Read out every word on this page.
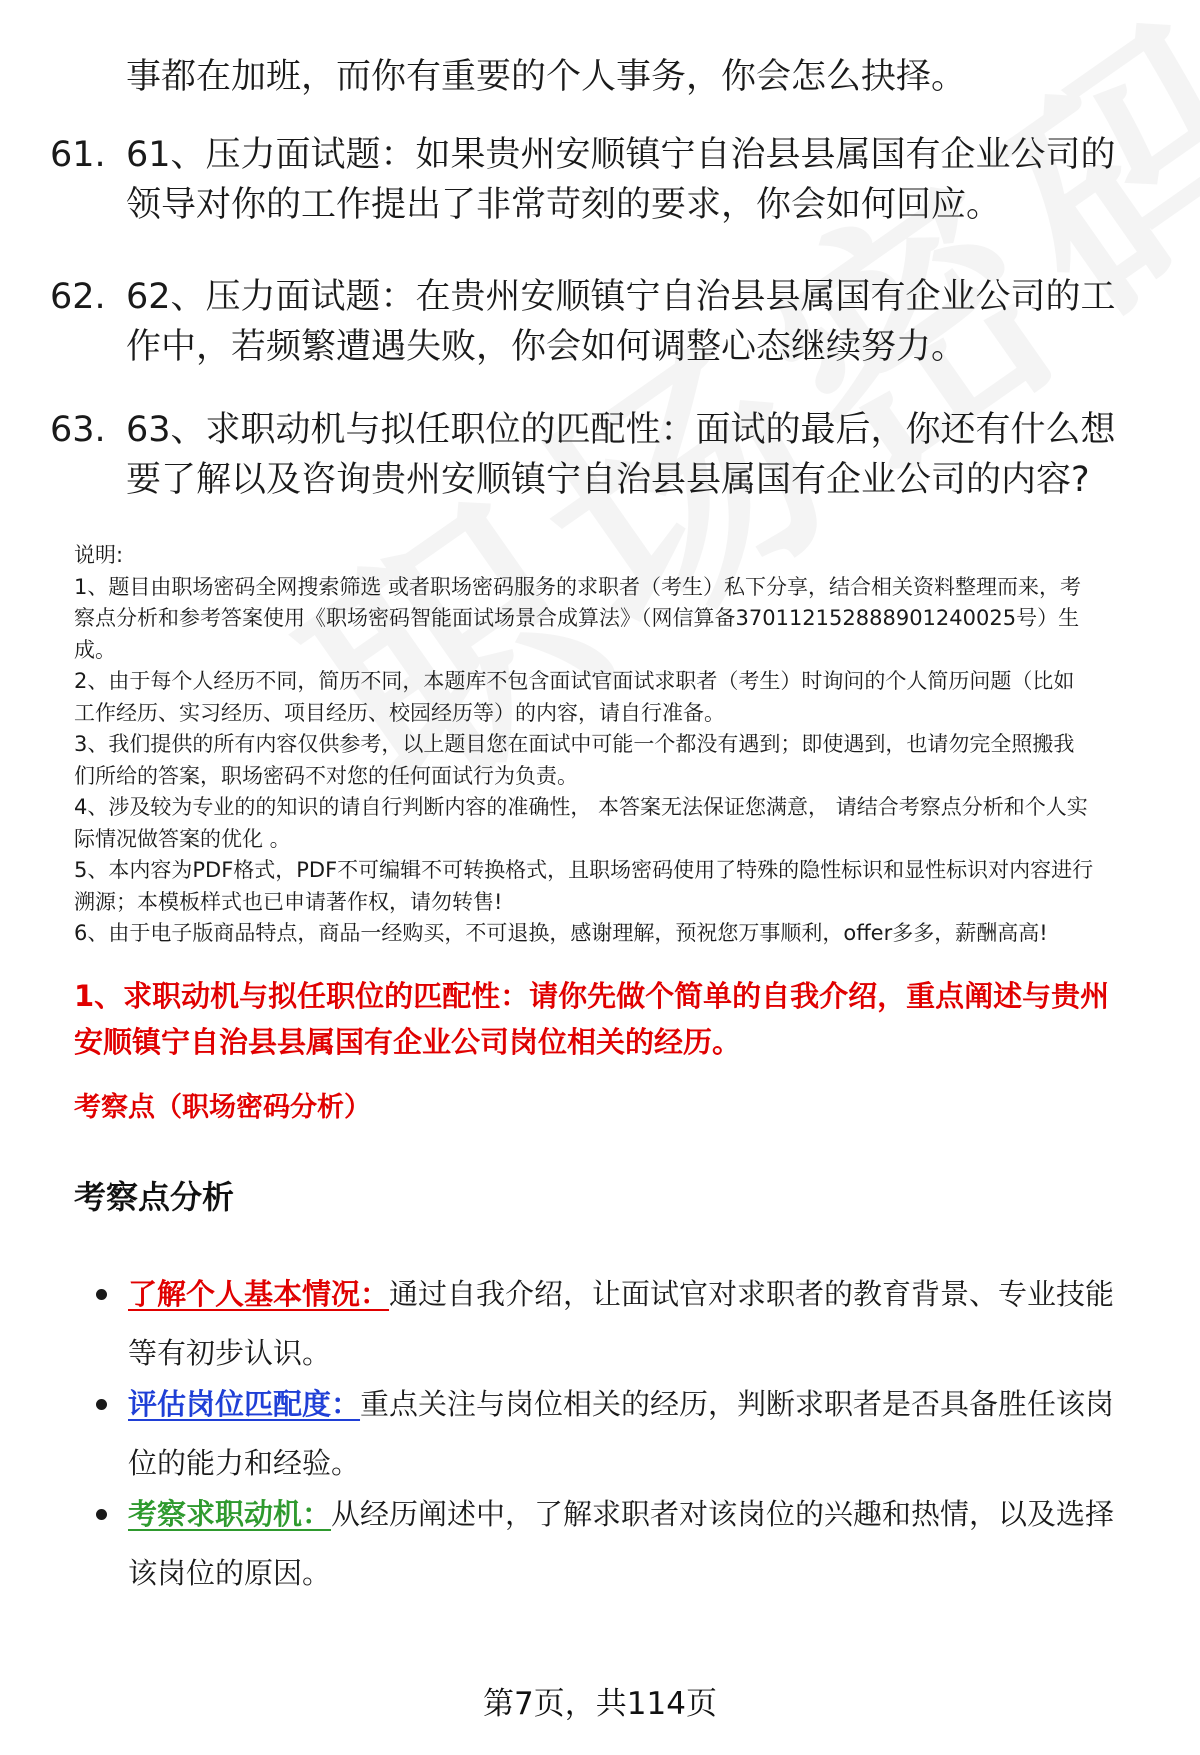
事都在加班，而你有重要的个人事务，你会怎么抉择。
61. 61、压力面试题：如果贵州安顺镇宁自治县县属国有企业公司的
领导对你的工作提出了非常苛刻的要求，你会如何回应。
62. 62、压力面试题：在贵州安顺镇宁自治县县属国有企业公司的工
作中，若频繁遭遇失败，你会如何调整心态继续努力。
63. 63、求职动机与拟任职位的匹配性：面试的最后，你还有什么想
要了解以及咨询贵州安顺镇宁自治县县属国有企业公司的内容?
说明:
1、题目由职场密码全网搜索筛选 或者职场密码服务的求职者（考生）私下分享，结合相关资料整理而来，考
察点分析和参考答案使用《职场密码智能面试场景合成算法》（网信算备370112152888901240025号）生
成。
2、由于每个人经历不同，简历不同，本题库不包含面试官面试求职者（考生）时询问的个人简历问题（比如
工作经历、实习经历、项目经历、校园经历等）的内容，请自行准备。
3、我们提供的所有内容仅供参考，以上题目您在面试中可能一个都没有遇到；即使遇到，也请勿完全照搬我
们所给的答案，职场密码不对您的任何面试行为负责。
4、涉及较为专业的的知识的请自行判断内容的准确性， 本答案无法保证您满意， 请结合考察点分析和个人实
际情况做答案的优化 。
5、本内容为PDF格式，PDF不可编辑不可转换格式，且职场密码使用了特殊的隐性标识和显性标识对内容进行
溯源；本模板样式也已申请著作权，请勿转售!
6、由于电子版商品特点，商品一经购买，不可退换，感谢理解，预祝您万事顺利，offer多多，薪酬高高!
1、求职动机与拟任职位的匹配性：请你先做个简单的自我介绍，重点阐述与贵州
安顺镇宁自治县县属国有企业公司岗位相关的经历。
考察点（职场密码分析）
考察点分析
了解个人基本情况：通过自我介绍，让面试官对求职者的教育背景、专业技能
等有初步认识。
评估岗位匹配度：重点关注与岗位相关的经历，判断求职者是否具备胜任该岗
位的能力和经验。
考察求职动机：从经历阐述中，了解求职者对该岗位的兴趣和热情，以及选择
该岗位的原因。
第7页，共114页
